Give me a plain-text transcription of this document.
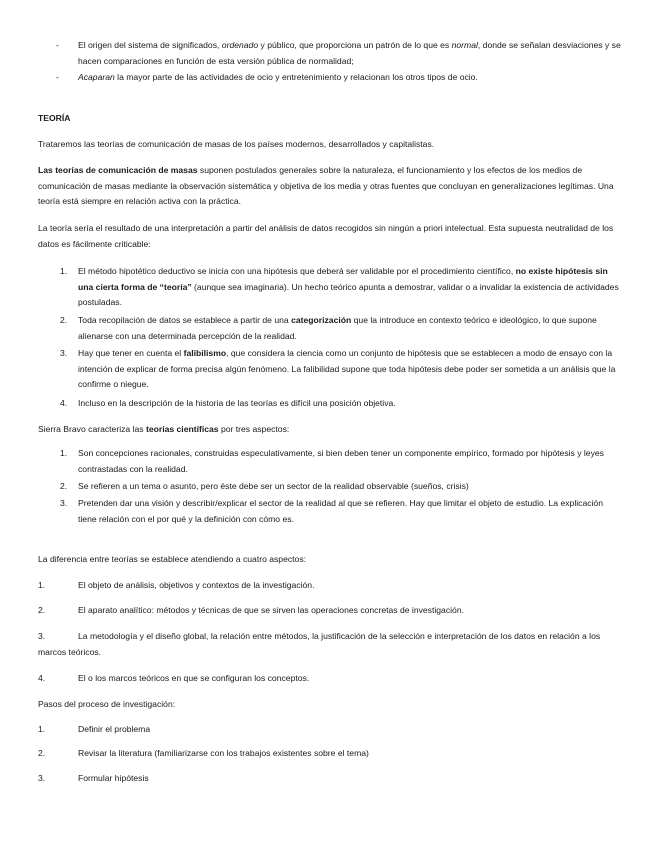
- El origen del sistema de significados, ordenado y público, que proporciona un patrón de lo que es normal, donde se señalan desviaciones y se hacen comparaciones en función de esta versión pública de normalidad;
- Acaparan la mayor parte de las actividades de ocio y entretenimiento y relacionan los otros tipos de ocio.
TEORÍA
Trataremos las teorías de comunicación de masas de los países modernos, desarrollados y capitalistas.
Las teorías de comunicación de masas suponen postulados generales sobre la naturaleza, el funcionamiento y los efectos de los medios de comunicación de masas mediante la observación sistemática y objetiva de los media y otras fuentes que concluyan en generalizaciones legítimas. Una teoría está siempre en relación activa con la práctica.
La teoría sería el resultado de una interpretación a partir del análisis de datos recogidos sin ningún a priori intelectual. Esta supuesta neutralidad de los datos es fácilmente criticable:
1. El método hipotético deductivo se inicia con una hipótesis que deberá ser validable por el procedimiento científico, no existe hipótesis sin una cierta forma de “teoría” (aunque sea imaginaria). Un hecho teórico apunta a demostrar, validar o a invalidar la existencia de actividades postuladas.
2. Toda recopilación de datos se establece a partir de una categorización que la introduce en contexto teórico e ideológico, lo que supone alienarse con una determinada percepción de la realidad.
3. Hay que tener en cuenta el falibilismo, que considera la ciencia como un conjunto de hipótesis que se establecen a modo de ensayo con la intención de explicar de forma precisa algún fenómeno. La falibilidad supone que toda hipótesis debe poder ser sometida a un análisis que la confirme o niegue.
4. Incluso en la descripción de la historia de las teorías es difícil una posición objetiva.
Sierra Bravo caracteriza las teorías científicas por tres aspectos:
1. Son concepciones racionales, construidas especulativamente, si bien deben tener un componente empírico, formado por hipótesis y leyes contrastadas con la realidad.
2. Se refieren a un tema o asunto, pero éste debe ser un sector de la realidad observable (sueños, crisis)
3. Pretenden dar una visión y describir/explicar el sector de la realidad al que se refieren. Hay que limitar el objeto de estudio. La explicación tiene relación con el por qué y la definición con cómo es.
La diferencia entre teorías se establece atendiendo a cuatro aspectos:
1.	El objeto de análisis, objetivos y contextos de la investigación.
2.	El aparato analítico: métodos y técnicas de que se sirven las operaciones concretas de investigación.
3.	La metodología y el diseño global, la relación entre métodos, la justificación de la selección e interpretación de los datos en relación a los marcos teóricos.
4.	El o los marcos teóricos en que se configuran los conceptos.
Pasos del proceso de investigación:
1.	Definir el problema
2.	Revisar la literatura (familiarizarse con los trabajos existentes sobre el tema)
3.	Formular hipótesis
